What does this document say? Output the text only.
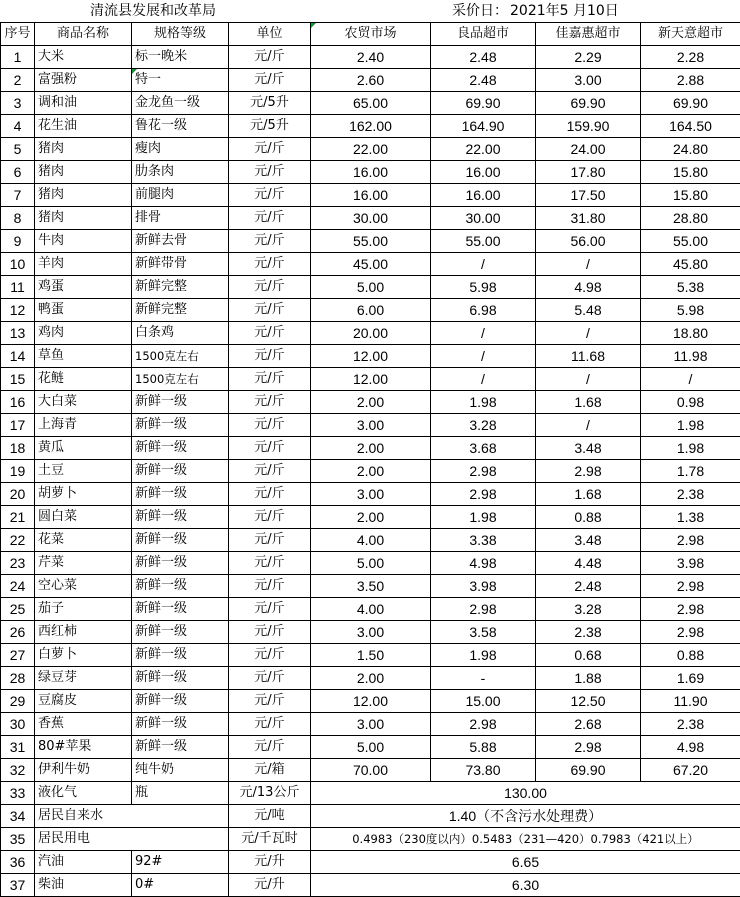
清流县发展和改革局	采价日： 2021年5 月10日
序号	商品名称	规格等级	单位	农贸市场	良品超市	佳嘉惠超市	新天意超市
1	大米	标一晚米	元/斤	2.40	2.48	2.29	2.28
2	富强粉	特一	元/斤	2.60	2.48	3.00	2.88
3	调和油	金龙鱼一级	元/5升	65.00	69.90	69.90	69.90
4	花生油	鲁花一级	元/5升	162.00	164.90	159.90	164.50
5	猪肉	瘦肉	元/斤	22.00	22.00	24.00	24.80
6	猪肉	肋条肉	元/斤	16.00	16.00	17.80	15.80
7	猪肉	前腿肉	元/斤	16.00	16.00	17.50	15.80
8	猪肉	排骨	元/斤	30.00	30.00	31.80	28.80
9	牛肉	新鲜去骨	元/斤	55.00	55.00	56.00	55.00
10	羊肉	新鲜带骨	元/斤	45.00	/	/	45.80
11	鸡蛋	新鲜完整	元/斤	5.00	5.98	4.98	5.38
12	鸭蛋	新鲜完整	元/斤	6.00	6.98	5.48	5.98
13	鸡肉	白条鸡	元/斤	20.00	/	/	18.80
14	草鱼	1500克左右	元/斤	12.00	/	11.68	11.98
15	花鲢	1500克左右	元/斤	12.00	/	/	/
16	大白菜	新鲜一级	元/斤	2.00	1.98	1.68	0.98
17	上海青	新鲜一级	元/斤	3.00	3.28	/	1.98
18	黄瓜	新鲜一级	元/斤	2.00	3.68	3.48	1.98
19	土豆	新鲜一级	元/斤	2.00	2.98	2.98	1.78
20	胡萝卜	新鲜一级	元/斤	3.00	2.98	1.68	2.38
21	圆白菜	新鲜一级	元/斤	2.00	1.98	0.88	1.38
22	花菜	新鲜一级	元/斤	4.00	3.38	3.48	2.98
23	芹菜	新鲜一级	元/斤	5.00	4.98	4.48	3.98
24	空心菜	新鲜一级	元/斤	3.50	3.98	2.48	2.98
25	茄子	新鲜一级	元/斤	4.00	2.98	3.28	2.98
26	西红柿	新鲜一级	元/斤	3.00	3.58	2.38	2.98
27	白萝卜	新鲜一级	元/斤	1.50	1.98	0.68	0.88
28	绿豆芽	新鲜一级	元/斤	2.00	-	1.88	1.69
29	豆腐皮	新鲜一级	元/斤	12.00	15.00	12.50	11.90
30	香蕉	新鲜一级	元/斤	3.00	2.98	2.68	2.38
31	80#苹果	新鲜一级	元/斤	5.00	5.88	2.98	4.98
32	伊利牛奶	纯牛奶	元/箱	70.00	73.80	69.90	67.20
33	液化气	瓶	元/13公斤	130.00			
34	居民自来水		元/吨	1.40（不含污水处理费）			
35	居民用电		元/千瓦时	0.4983（230度以内）0.5483（231—420）0.7983（421以上）			
36	汽油	92#	元/升	6.65			
37	柴油	0#	元/升	6.30			
